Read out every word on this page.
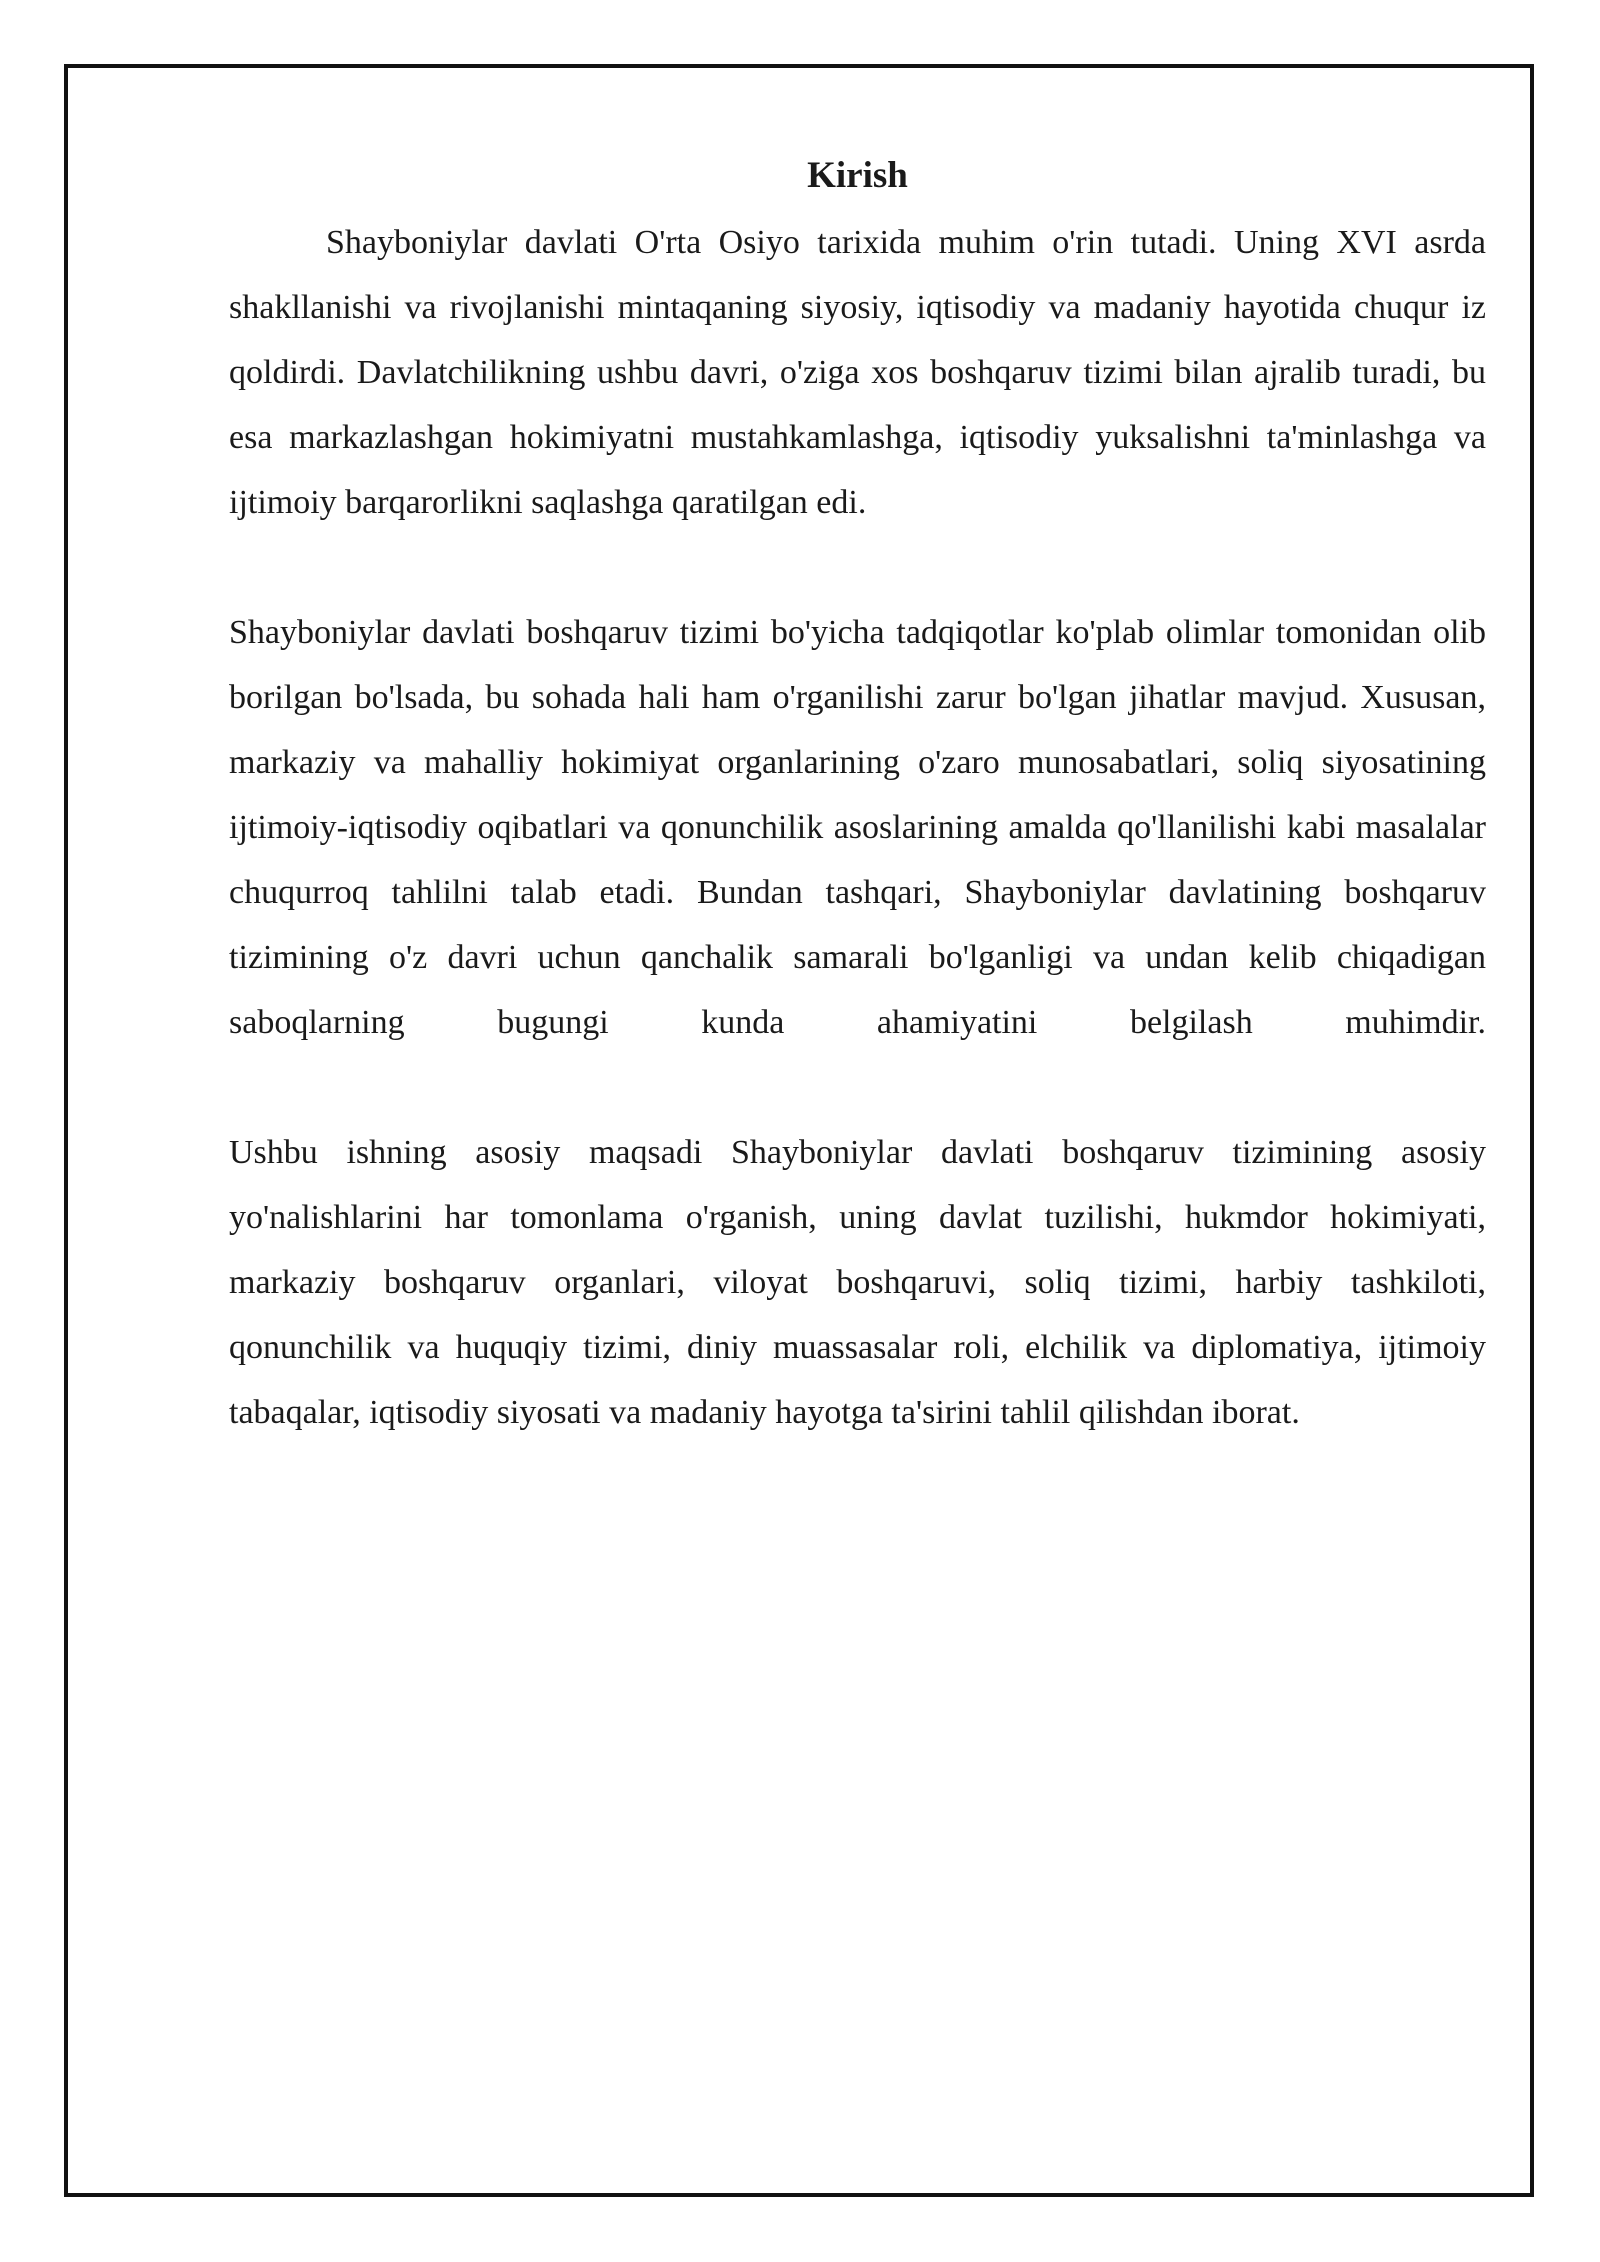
Kirish

Shayboniylar davlati O'rta Osiyo tarixida muhim o'rin tutadi. Uning XVI asrda shakllanishi va rivojlanishi mintaqaning siyosiy, iqtisodiy va madaniy hayotida chuqur iz qoldirdi. Davlatchilikning ushbu davri, o'ziga xos boshqaruv tizimi bilan ajralib turadi, bu esa markazlashgan hokimiyatni mustahkamlashga, iqtisodiy yuksalishni ta'minlashga va ijtimoiy barqarorlikni saqlashga qaratilgan edi.

Shayboniylar davlati boshqaruv tizimi bo'yicha tadqiqotlar ko'plab olimlar tomonidan olib borilgan bo'lsada, bu sohada hali ham o'rganilishi zarur bo'lgan jihatlar mavjud. Xususan, markaziy va mahalliy hokimiyat organlarining o'zaro munosabatlari, soliq siyosatining ijtimoiy-iqtisodiy oqibatlari va qonunchilik asoslarining amalda qo'llanilishi kabi masalalar chuqurroq tahlilni talab etadi. Bundan tashqari, Shayboniylar davlatining boshqaruv tizimining o'z davri uchun qanchalik samarali bo'lganligi va undan kelib chiqadigan saboqlarning bugungi kunda ahamiyatini belgilash muhimdir.

Ushbu ishning asosiy maqsadi Shayboniylar davlati boshqaruv tizimining asosiy yo'nalishlarini har tomonlama o'rganish, uning davlat tuzilishi, hukmdor hokimiyati, markaziy boshqaruv organlari, viloyat boshqaruvi, soliq tizimi, harbiy tashkiloti, qonunchilik va huquqiy tizimi, diniy muassasalar roli, elchilik va diplomatiya, ijtimoiy tabaqalar, iqtisodiy siyosati va madaniy hayotga ta'sirini tahlil qilishdan iborat.
